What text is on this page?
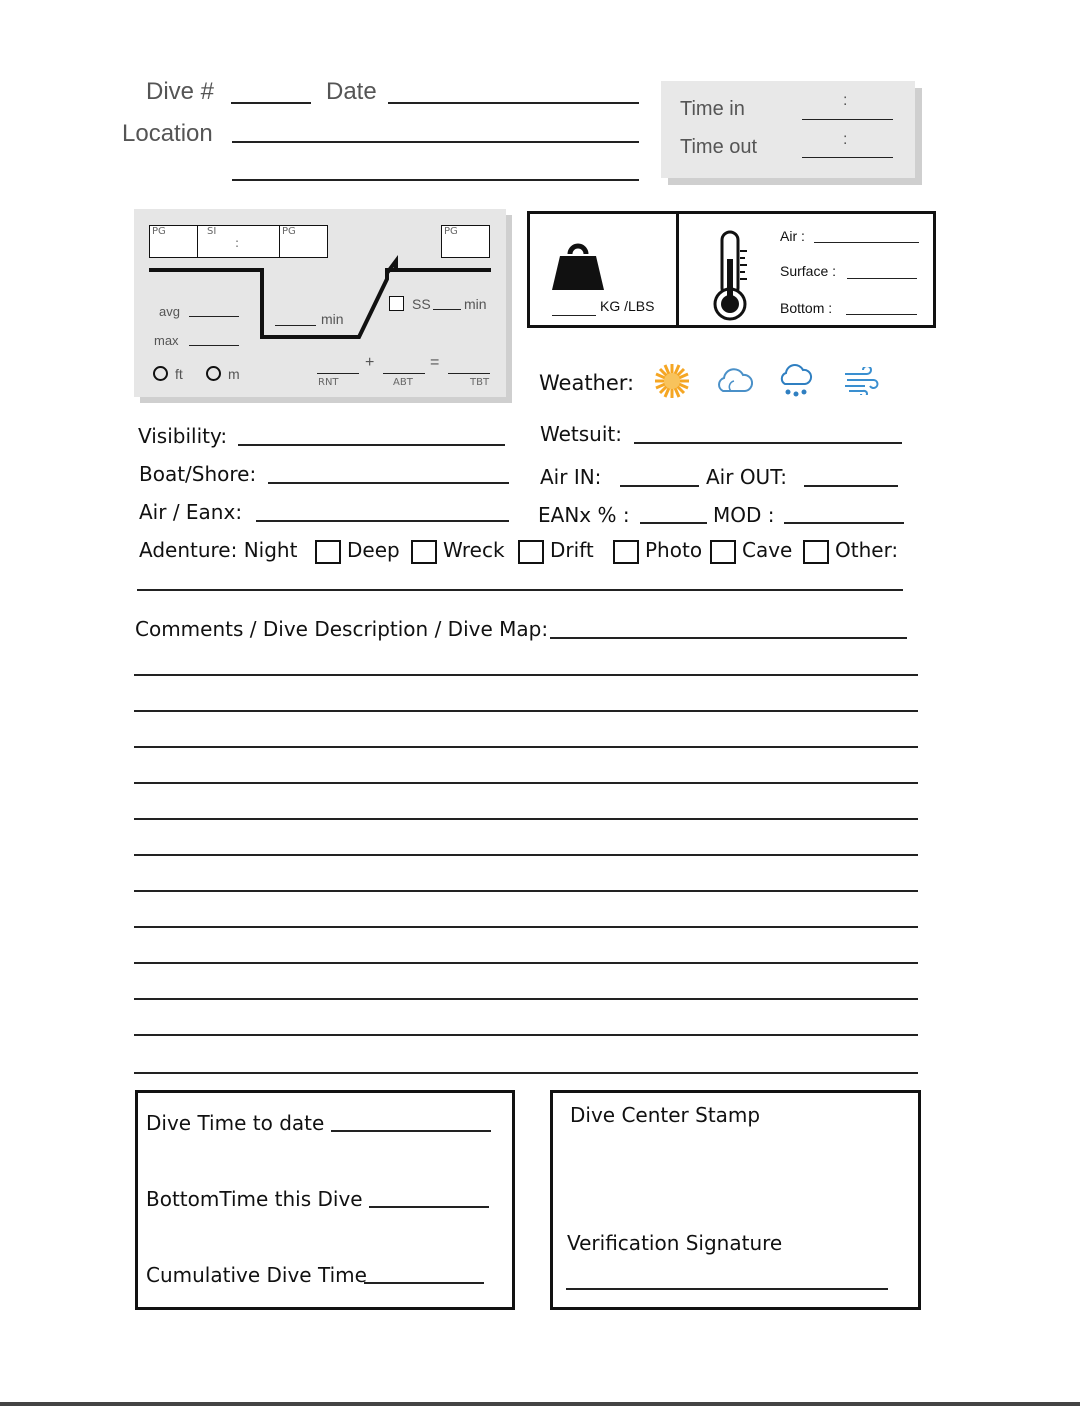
Dive #	Date
Location
Time in	:
Time out	:
PG	SI
:
PG	PG
avg
max
min
SS min
ft	m
+	=
RNT	ABT	TBT
KG /LBS
Air :
Surface :
Bottom :
Weather:
Visibility:	Wetsuit:
Boat/Shore:	Air IN:	Air OUT:
Air / Eanx:	EANx % :	MOD :
Adenture: Night Deep Wreck Drift	Photo Cave Other:
Comments / Dive Description / Dive Map:
Dive Time to date
BottomTime this Dive
Cumulative Dive Time
Dive Center Stamp
Verification Signature
